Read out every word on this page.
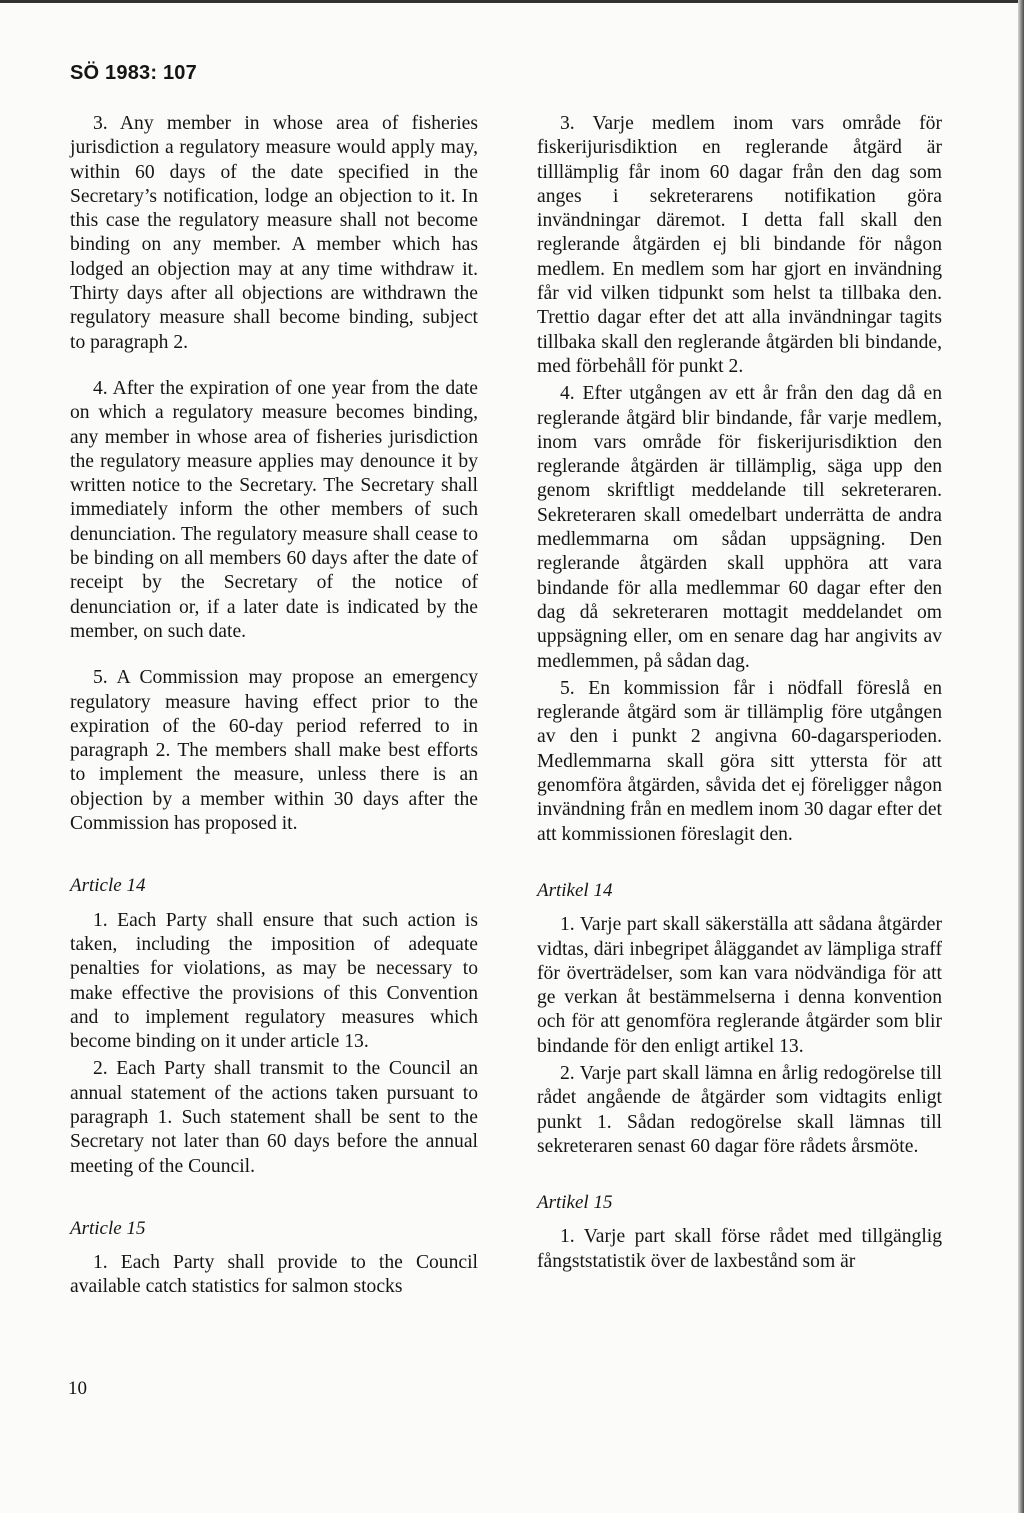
SÖ 1983: 107

3. Any member in whose area of fisheries jurisdiction a regulatory measure would apply may, within 60 days of the date specified in the Secretary’s notification, lodge an objection to it. In this case the regulatory measure shall not become binding on any member. A member which has lodged an objection may at any time withdraw it. Thirty days after all objections are withdrawn the regulatory measure shall become binding, subject to paragraph 2.

4. After the expiration of one year from the date on which a regulatory measure becomes binding, any member in whose area of fisheries jurisdiction the regulatory measure applies may denounce it by written notice to the Secretary. The Secretary shall immediately inform the other members of such denunciation. The regulatory measure shall cease to be binding on all members 60 days after the date of receipt by the Secretary of the notice of denunciation or, if a later date is indicated by the member, on such date.

5. A Commission may propose an emergency regulatory measure having effect prior to the expiration of the 60-day period referred to in paragraph 2. The members shall make best efforts to implement the measure, unless there is an objection by a member within 30 days after the Commission has proposed it.

Article 14

1. Each Party shall ensure that such action is taken, including the imposition of adequate penalties for violations, as may be necessary to make effective the provisions of this Convention and to implement regulatory measures which become binding on it under article 13.

2. Each Party shall transmit to the Council an annual statement of the actions taken pursuant to paragraph 1. Such statement shall be sent to the Secretary not later than 60 days before the annual meeting of the Council.

Article 15

1. Each Party shall provide to the Council available catch statistics for salmon stocks

3. Varje medlem inom vars område för fiskerijurisdiktion en reglerande åtgärd är tilllämplig får inom 60 dagar från den dag som anges i sekreterarens notifikation göra invändningar däremot. I detta fall skall den reglerande åtgärden ej bli bindande för någon medlem. En medlem som har gjort en invändning får vid vilken tidpunkt som helst ta tillbaka den. Trettio dagar efter det att alla invändningar tagits tillbaka skall den reglerande åtgärden bli bindande, med förbehåll för punkt 2.

4. Efter utgången av ett år från den dag då en reglerande åtgärd blir bindande, får varje medlem, inom vars område för fiskerijurisdiktion den reglerande åtgärden är tillämplig, säga upp den genom skriftligt meddelande till sekreteraren. Sekreteraren skall omedelbart underrätta de andra medlemmarna om sådan uppsägning. Den reglerande åtgärden skall upphöra att vara bindande för alla medlemmar 60 dagar efter den dag då sekreteraren mottagit meddelandet om uppsägning eller, om en senare dag har angivits av medlemmen, på sådan dag.

5. En kommission får i nödfall föreslå en reglerande åtgärd som är tillämplig före utgången av den i punkt 2 angivna 60-dagarsperioden. Medlemmarna skall göra sitt yttersta för att genomföra åtgärden, såvida det ej föreligger någon invändning från en medlem inom 30 dagar efter det att kommissionen föreslagit den.

Artikel 14

1. Varje part skall säkerställa att sådana åtgärder vidtas, däri inbegripet åläggandet av lämpliga straff för överträdelser, som kan vara nödvändiga för att ge verkan åt bestämmelserna i denna konvention och för att genomföra reglerande åtgärder som blir bindande för den enligt artikel 13.

2. Varje part skall lämna en årlig redogörelse till rådet angående de åtgärder som vidtagits enligt punkt 1. Sådan redogörelse skall lämnas till sekreteraren senast 60 dagar före rådets årsmöte.

Artikel 15

1. Varje part skall förse rådet med tillgänglig fångststatistik över de laxbestånd som är

10
